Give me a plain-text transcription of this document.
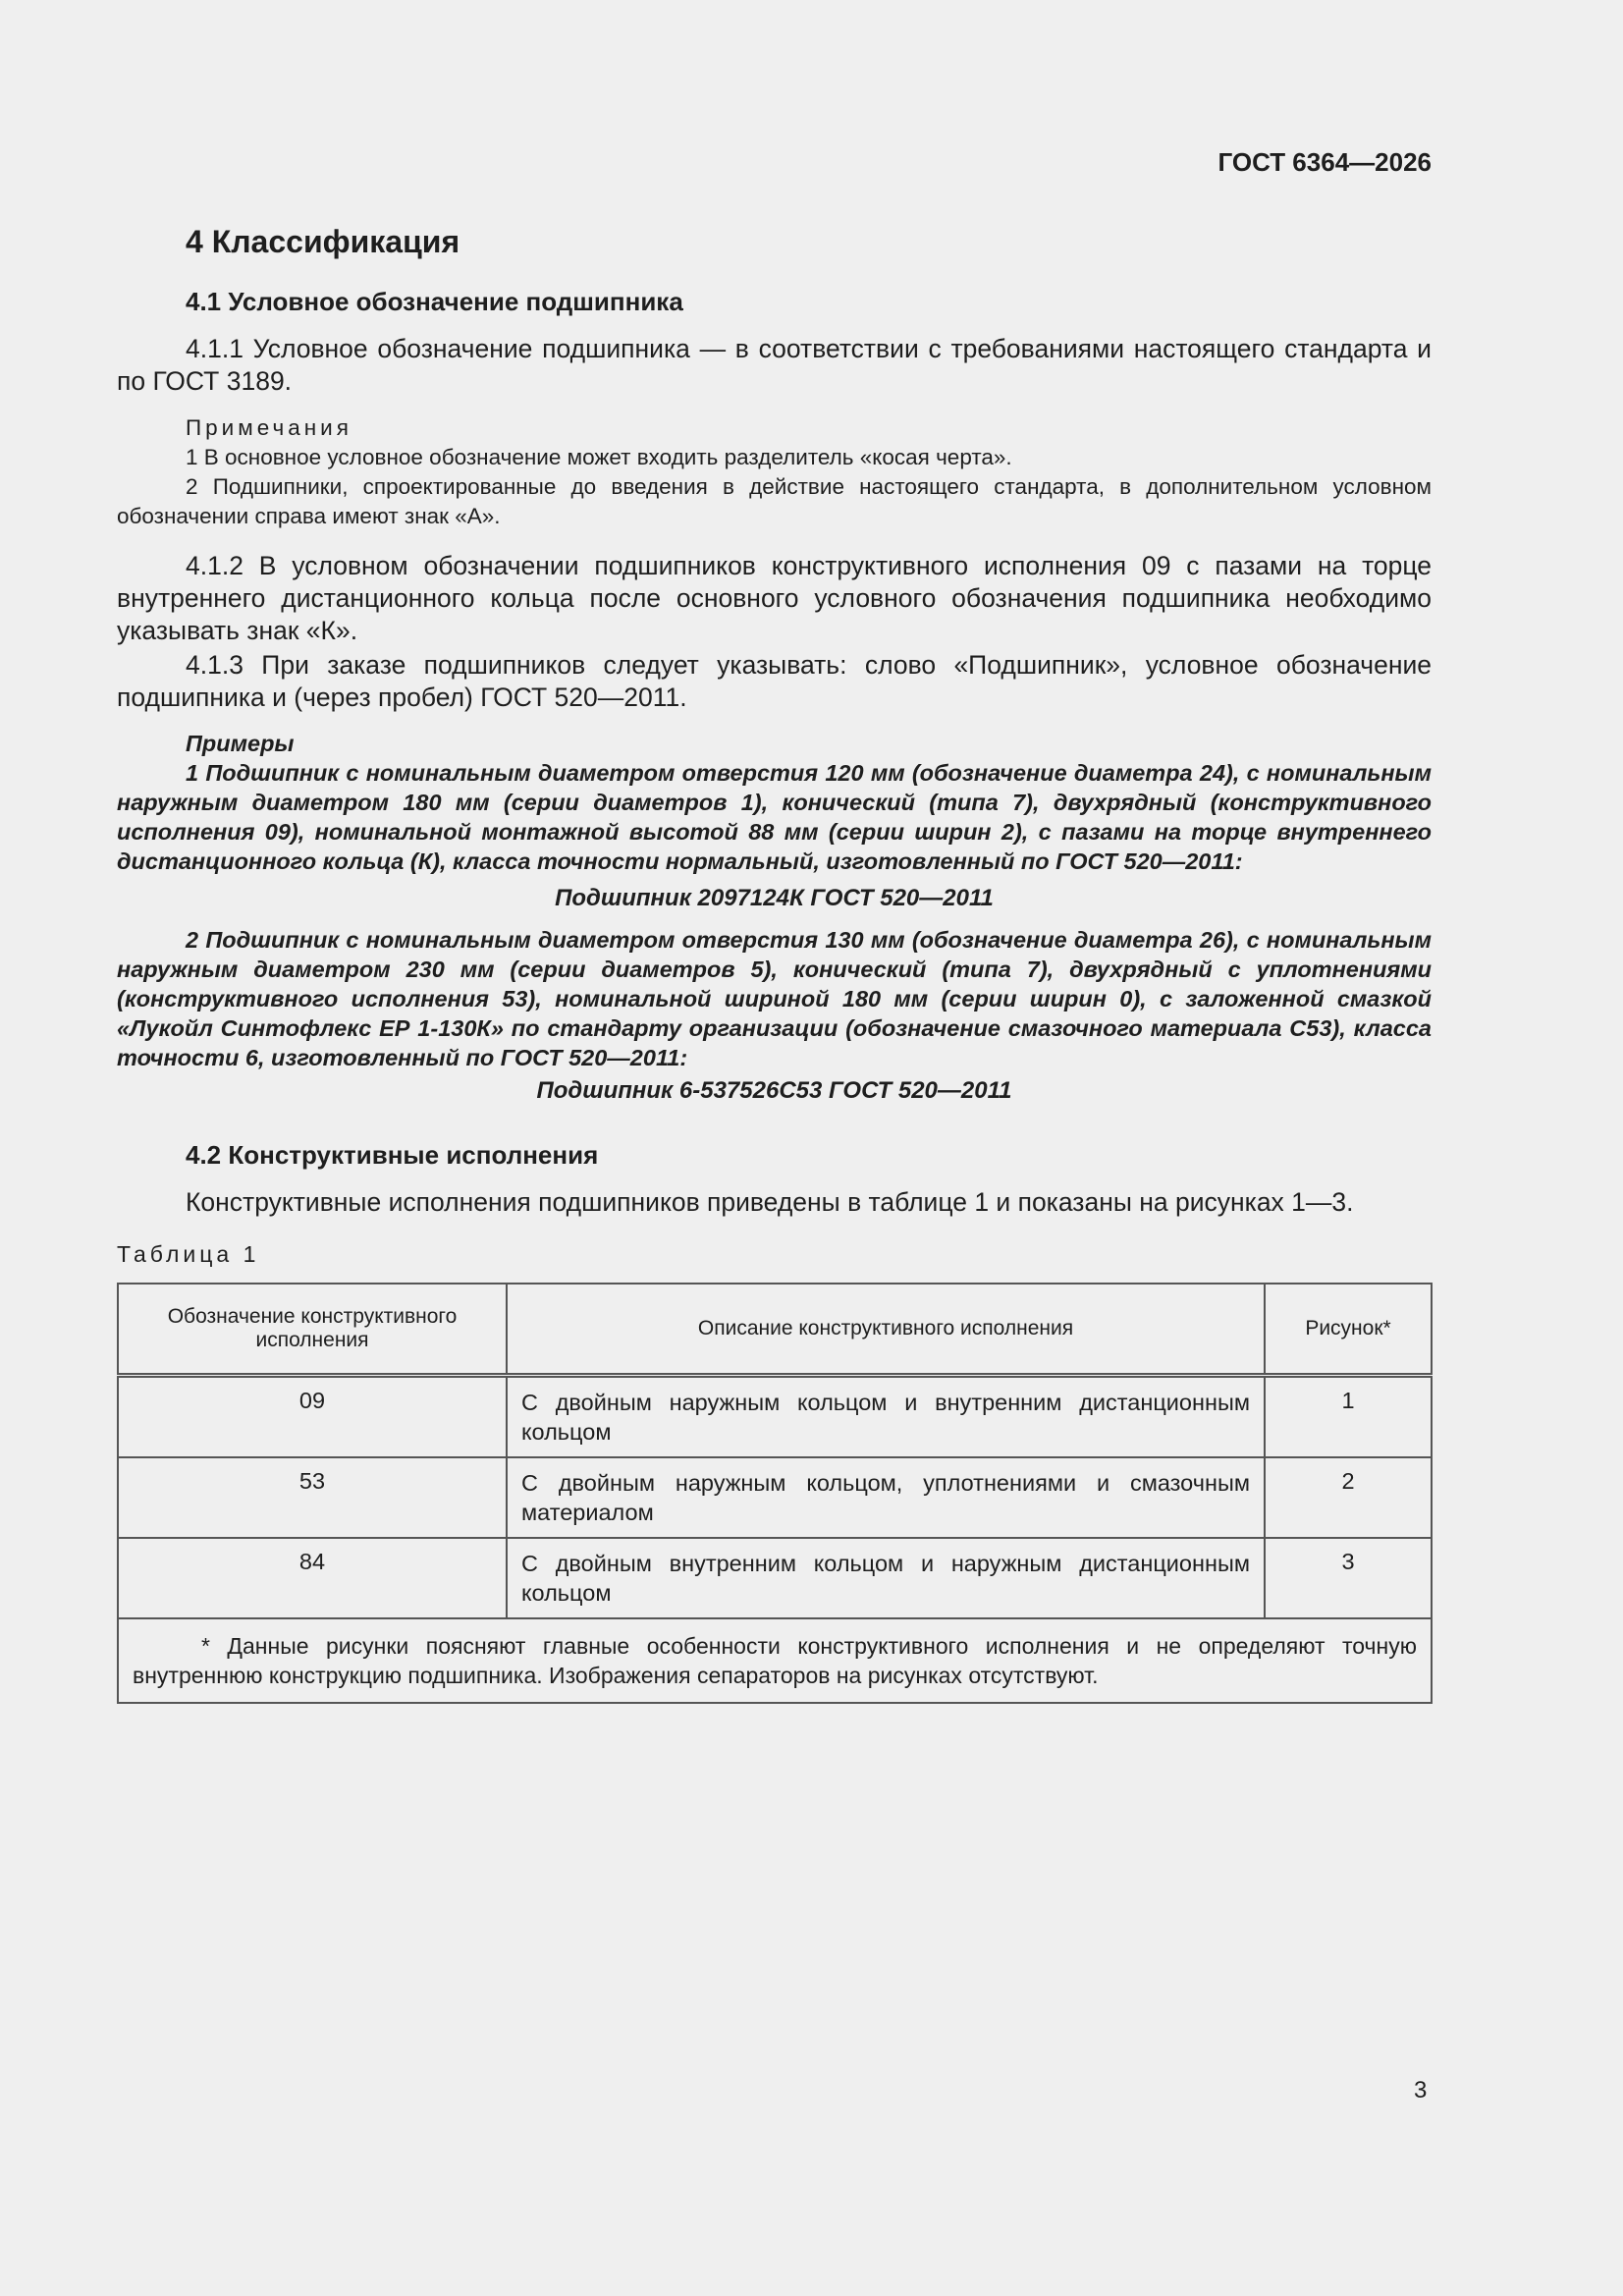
ГОСТ 6364—2026
4 Классификация
4.1 Условное обозначение подшипника
4.1.1 Условное обозначение подшипника — в соответствии с требованиями настоящего стандарта и по ГОСТ 3189.

Примечания

1 В основное условное обозначение может входить разделитель «косая черта».

2 Подшипники, спроектированные до введения в действие настоящего стандарта, в дополнительном условном обозначении справа имеют знак «А».

4.1.2 В условном обозначении подшипников конструктивного исполнения 09 с пазами на торце внутреннего дистанционного кольца после основного условного обозначения подшипника необходимо указывать знак «К».
4.1.3 При заказе подшипников следует указывать: слово «Подшипник», условное обозначение подшипника и (через пробел) ГОСТ 520—2011.

Примеры

1 Подшипник с номинальным диаметром отверстия 120 мм (обозначение диаметра 24), с номинальным наружным диаметром 180 мм (серии диаметров 1), конический (типа 7), двухрядный (конструктивного исполнения 09), номинальной монтажной высотой 88 мм (серии ширин 2), с пазами на торце внутреннего дистанционного кольца (К), класса точности нормальный, изготовленный по ГОСТ 520—2011:

Подшипник 2097124К ГОСТ 520—2011

2 Подшипник с номинальным диаметром отверстия 130 мм (обозначение диаметра 26), с номинальным наружным диаметром 230 мм (серии диаметров 5), конический (типа 7), двухрядный с уплотнениями (конструктивного исполнения 53), номинальной шириной 180 мм (серии ширин 0), с заложенной смазкой «Лукойл Синтофлекс ЕР 1-130К» по стандарту организации (обозначение смазочного материала С53), класса точности 6, изготовленный по ГОСТ 520—2011:

Подшипник 6-537526С53 ГОСТ 520—2011

4.2 Конструктивные исполнения
Конструктивные исполнения подшипников приведены в таблице 1 и показаны на рисунках 1—3.
Таблица 1
Обозначение конструктивного исполнения	Описание конструктивного исполнения	Рисунок*
09	С двойным наружным кольцом и внутренним дистанционным кольцом	1
53	С двойным наружным кольцом, уплотнениями и смазочным материалом	2
84	С двойным внутренним кольцом и наружным дистанционным кольцом	3
* Данные рисунки поясняют главные особенности конструктивного исполнения и не определяют точную внутреннюю конструкцию подшипника. Изображения сепараторов на рисунках отсутствуют.		
3
